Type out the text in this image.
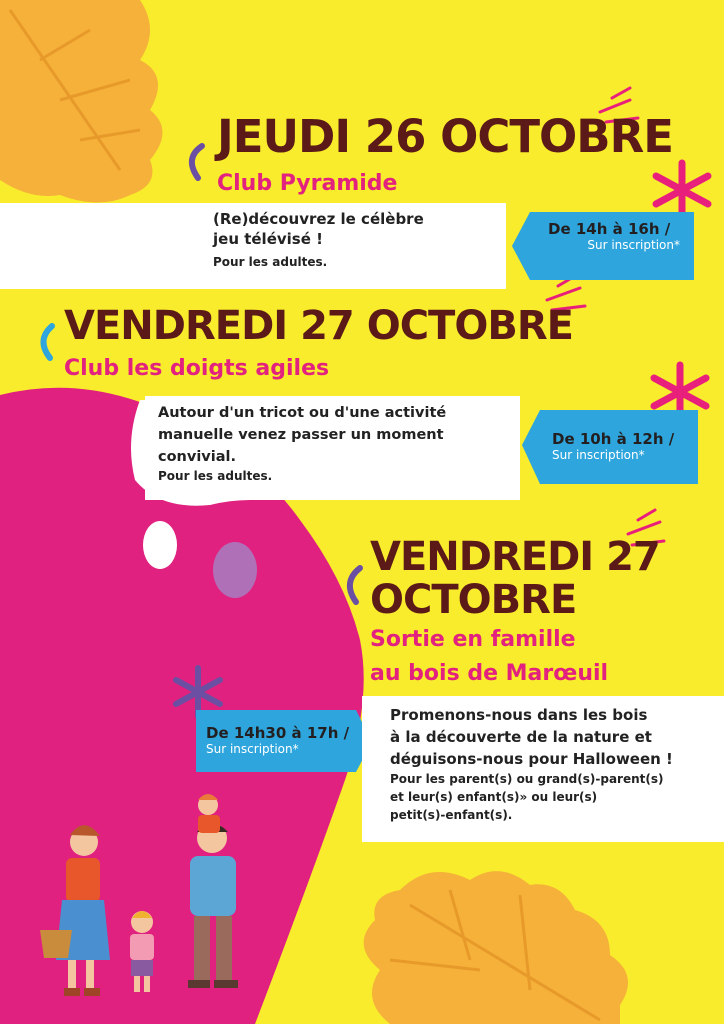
JEUDI 26 OCTOBRE
Club Pyramide
(Re)découvrez le célèbre
jeu télévisé !
Pour les adultes.
De 14h à 16h /
Sur inscription*
VENDREDI 27 OCTOBRE
Club les doigts agiles
Autour d'un tricot ou d'une activité
manuelle venez passer un moment
convivial.
Pour les adultes.
De 10h à 12h /
Sur inscription*
VENDREDI 27
OCTOBRE
Sortie en famille
au bois de Marœuil
Promenons-nous dans les bois
à la découverte de la nature et
déguisons-nous pour Halloween !
Pour les parent(s) ou grand(s)-parent(s)
et leur(s) enfant(s)» ou leur(s)
petit(s)-enfant(s).
De 14h30 à 17h /
Sur inscription*
